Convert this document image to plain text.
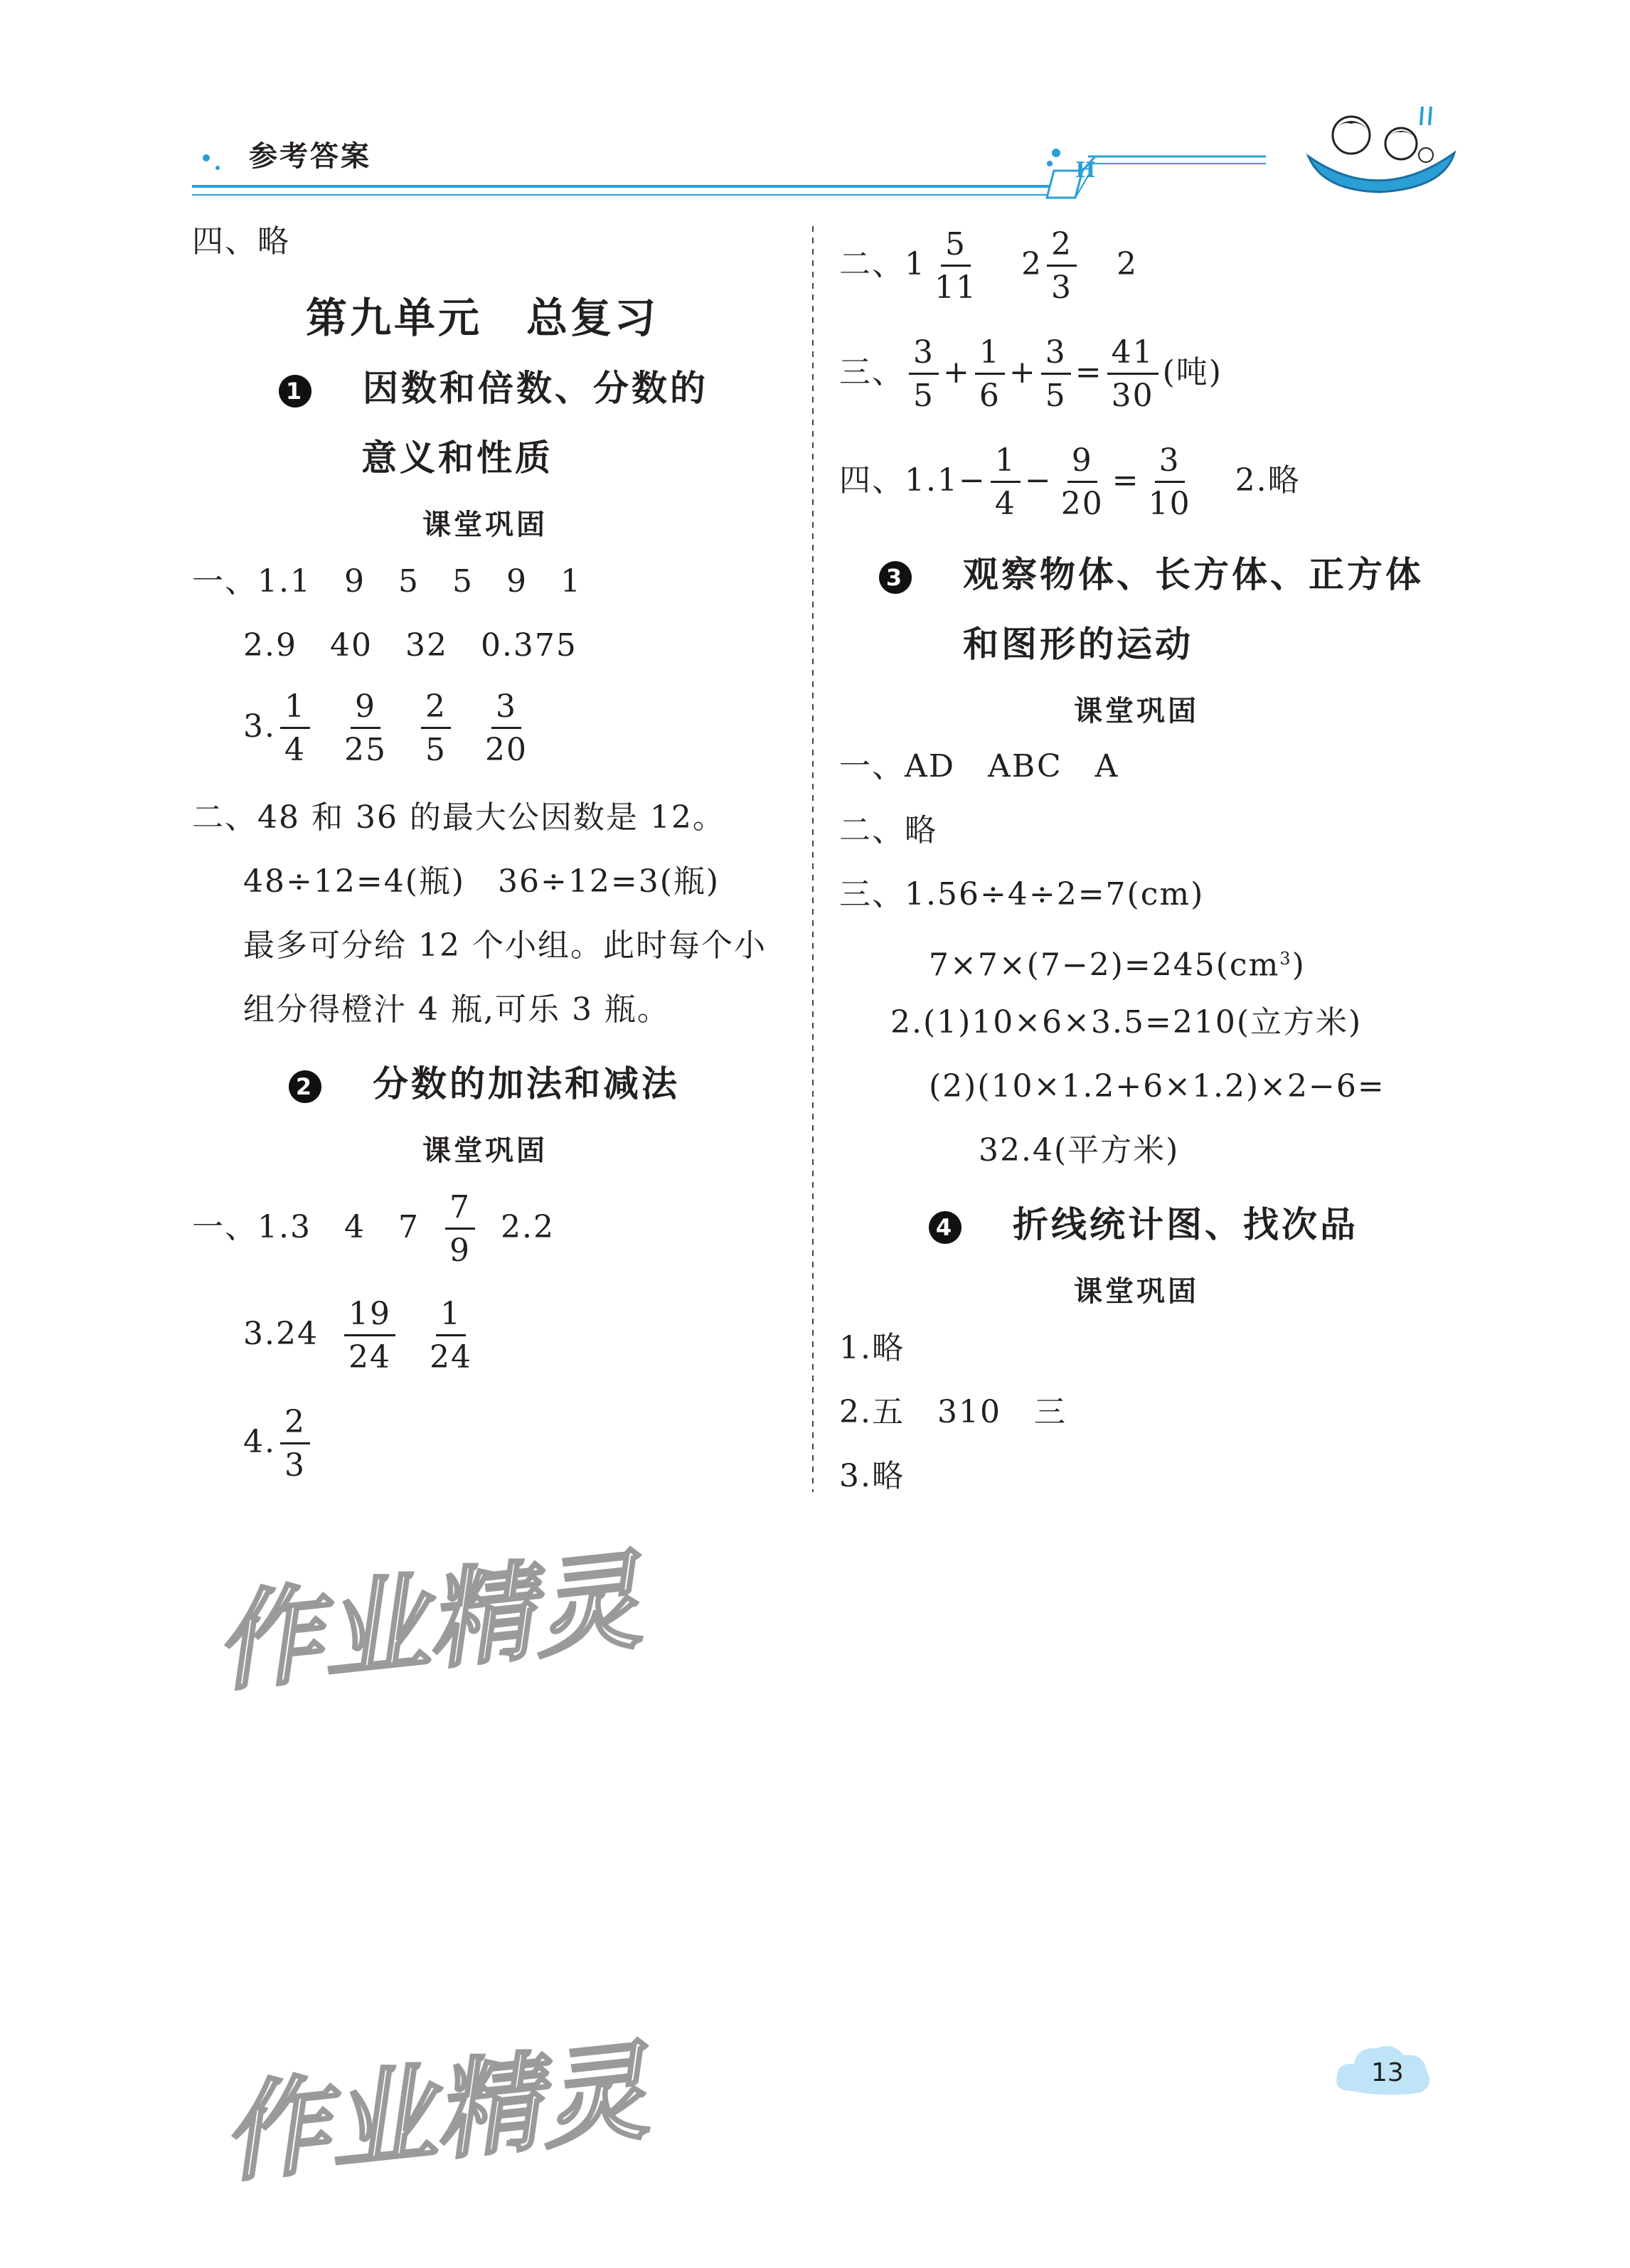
参考答案	H
四、略
第九单元　总复习
1 因数和倍数、分数的
意义和性质
课堂巩固
一、1.1　9　5　5　9　1
2.9　40　32　0.375
3. $\frac{1}{4} \frac{9}{25} \frac{2}{5} \frac{3}{20}$
二、48 和 36 的最大公因数是 12。
48÷12=4(瓶)　36÷12=3(瓶)
最多可分给 12 个小组。此时每个小
组分得橙汁 4 瓶,可乐 3 瓶。
2 分数的加法和减法
课堂巩固
一、1.3　4　$7 \frac{7}{9} 2.2$
$3.24 \frac{19}{24} \frac{1}{24}$
4. $\frac{2}{3}$
二、$1 \frac{5}{11} 2 \frac{2}{3} 2$
三、 $\frac{3}{5} + \frac{1}{6} + \frac{3}{5} = \frac{41}{30}$ (吨)
四、$1.1- \frac{1}{4} - \frac{9}{20} = \frac{3}{10} 2$.略
3 观察物体、长方体、正方体
和图形的运动
课堂巩固
一、AD　ABC　A
二、略
三、1.56÷4÷2=7(cm)
$7\times 7\times(7-2)=245(cm^3)$
2.(1)10×6×3.5=210(立方米)
(2)(10×1.2+6×1.2)×2−6=
32.4(平方米)
4 折线统计图、找次品
课堂巩固
1.略
2.五　310　三
3.略
作业精灵
作业精灵	13
